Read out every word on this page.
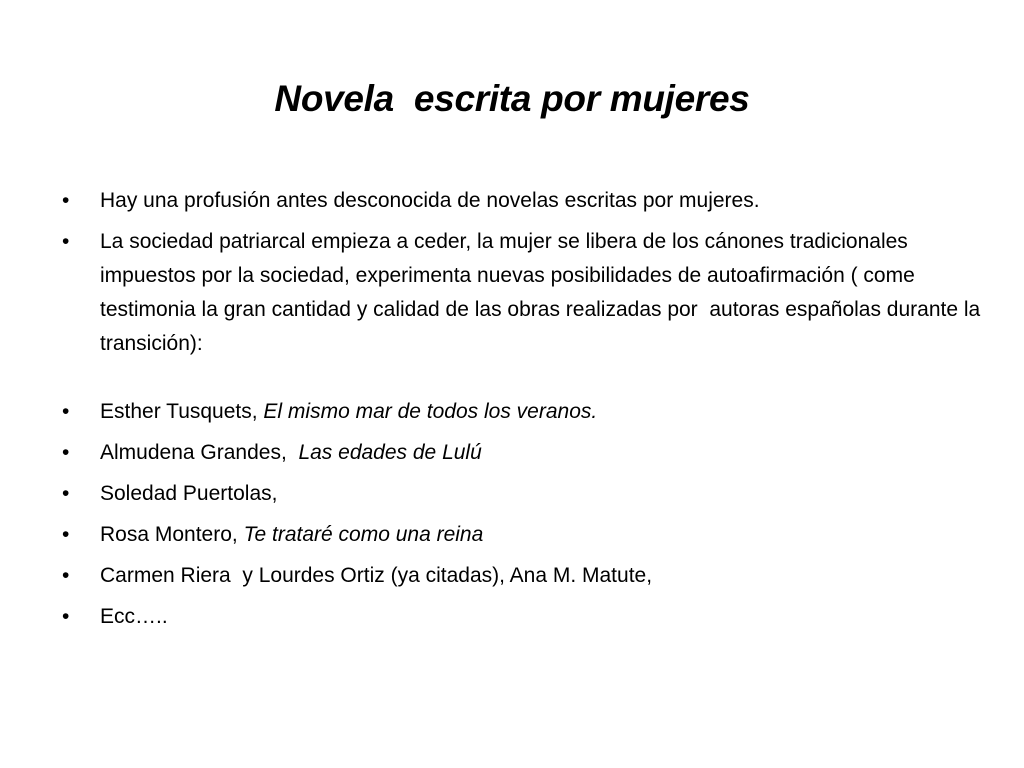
Novela  escrita por mujeres
•	Hay una profusión antes desconocida de novelas escritas por mujeres.
•	La sociedad patriarcal empieza a ceder, la mujer se libera de los cánones tradicionales impuestos por la sociedad, experimenta nuevas posibilidades de autoafirmación ( come testimonia la gran cantidad y calidad de las obras realizadas por  autoras españolas durante la transición):
•	Esther Tusquets, El mismo mar de todos los veranos.
•	Almudena Grandes,  Las edades de Lulú
•	Soledad Puertolas,
•	Rosa Montero, Te trataré como una reina
•	Carmen Riera  y Lourdes Ortiz (ya citadas), Ana M. Matute,
•	Ecc…..
